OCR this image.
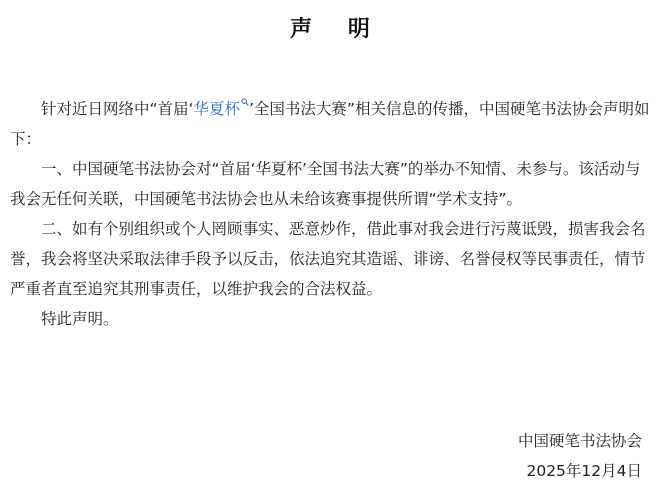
声 明

针对近日网络中“首届‘华夏杯 ’全国书法大赛”相关信息的传播，中国硬笔书法协会声明如下：

一、中国硬笔书法协会对“首届‘华夏杯’全国书法大赛”的举办不知情、未参与。该活动与我会无任何关联，中国硬笔书法协会也从未给该赛事提供所谓“学术支持”。

二、如有个别组织或个人罔顾事实、恶意炒作，借此事对我会进行污蔑诋毁，损害我会名誉，我会将坚决采取法律手段予以反击，依法追究其造谣、诽谤、名誉侵权等民事责任，情节严重者直至追究其刑事责任，以维护我会的合法权益。

特此声明。

中国硬笔书法协会
2025年12月4日
